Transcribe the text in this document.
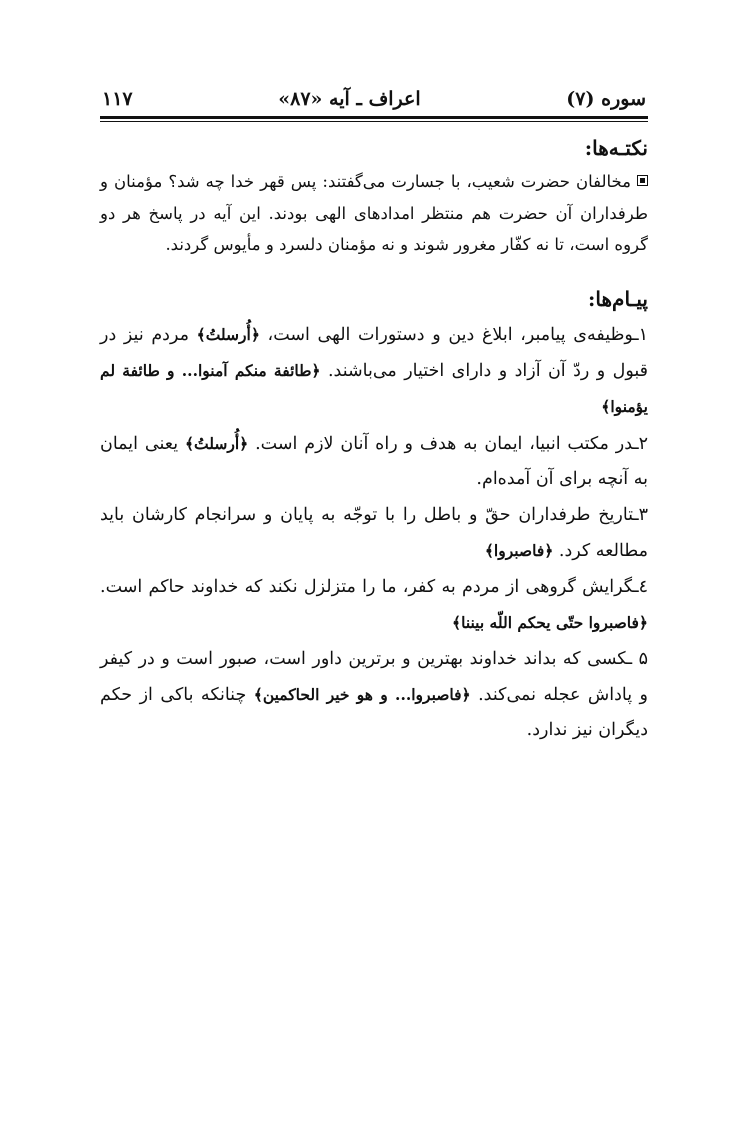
سوره (۷)
اعراف ـ آیه «۸۷»
۱۱۷
نکتـه‌ها:
مخالفان حضرت شعیب، با جسارت می‌گفتند: پس قهر خدا چه شد؟ مؤمنان و طرفداران آن حضرت هم منتظر امدادهای الهی بودند. این آیه در پاسخ هر دو گروه است، تا نه کفّار مغرور شوند و نه مؤمنان دلسرد و مأیوس گردند.
پیـام‌ها:
۱ـوظیفه‌ی پیامبر، ابلاغ دین و دستورات الهی است، ﴿أُرسلتُ﴾ مردم نیز در قبول و ردّ آن آزاد و دارای اختیار می‌باشند. ﴿طائفة منکم آمنوا... و طائفة لم یؤمنوا﴾
۲ـدر مکتب انبیا، ایمان به هدف و راه آنان لازم است. ﴿أُرسلتُ﴾ یعنی ایمان به آنچه برای آن آمده‌ام.
۳ـتاریخ طرفداران حقّ و باطل را با توجّه به پایان و سرانجام کارشان باید مطالعه کرد. ﴿فاصبروا﴾
٤ـگرایش گروهی از مردم به کفر، ما را متزلزل نکند که خداوند حاکم است. ﴿فاصبروا حتّی یحکم اللّه بیننا﴾
۵ ـکسی که بداند خداوند بهترین و برترین داور است، صبور است و در کیفر و پاداش عجله نمی‌کند. ﴿فاصبروا... و هو خیر الحاکمین﴾ چنانکه باکی از حکم دیگران نیز ندارد.
